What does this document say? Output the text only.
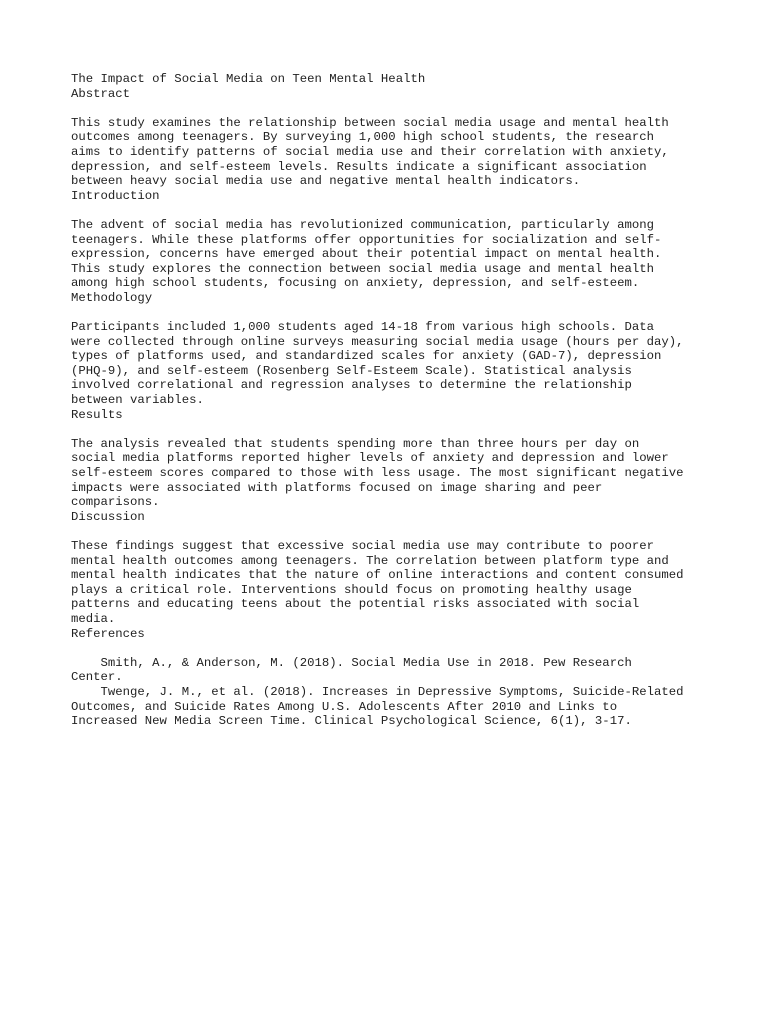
The Impact of Social Media on Teen Mental Health
Abstract
This study examines the relationship between social media usage and mental health
outcomes among teenagers. By surveying 1,000 high school students, the research
aims to identify patterns of social media use and their correlation with anxiety,
depression, and self-esteem levels. Results indicate a significant association
between heavy social media use and negative mental health indicators.
Introduction
The advent of social media has revolutionized communication, particularly among
teenagers. While these platforms offer opportunities for socialization and self-
expression, concerns have emerged about their potential impact on mental health.
This study explores the connection between social media usage and mental health
among high school students, focusing on anxiety, depression, and self-esteem.
Methodology
Participants included 1,000 students aged 14-18 from various high schools. Data
were collected through online surveys measuring social media usage (hours per day),
types of platforms used, and standardized scales for anxiety (GAD-7), depression
(PHQ-9), and self-esteem (Rosenberg Self-Esteem Scale). Statistical analysis
involved correlational and regression analyses to determine the relationship
between variables.
Results
The analysis revealed that students spending more than three hours per day on
social media platforms reported higher levels of anxiety and depression and lower
self-esteem scores compared to those with less usage. The most significant negative
impacts were associated with platforms focused on image sharing and peer
comparisons.
Discussion
These findings suggest that excessive social media use may contribute to poorer
mental health outcomes among teenagers. The correlation between platform type and
mental health indicates that the nature of online interactions and content consumed
plays a critical role. Interventions should focus on promoting healthy usage
patterns and educating teens about the potential risks associated with social
media.
References
Smith, A., & Anderson, M. (2018). Social Media Use in 2018. Pew Research
Center.
Twenge, J. M., et al. (2018). Increases in Depressive Symptoms, Suicide-Related
Outcomes, and Suicide Rates Among U.S. Adolescents After 2010 and Links to
Increased New Media Screen Time. Clinical Psychological Science, 6(1), 3-17.
